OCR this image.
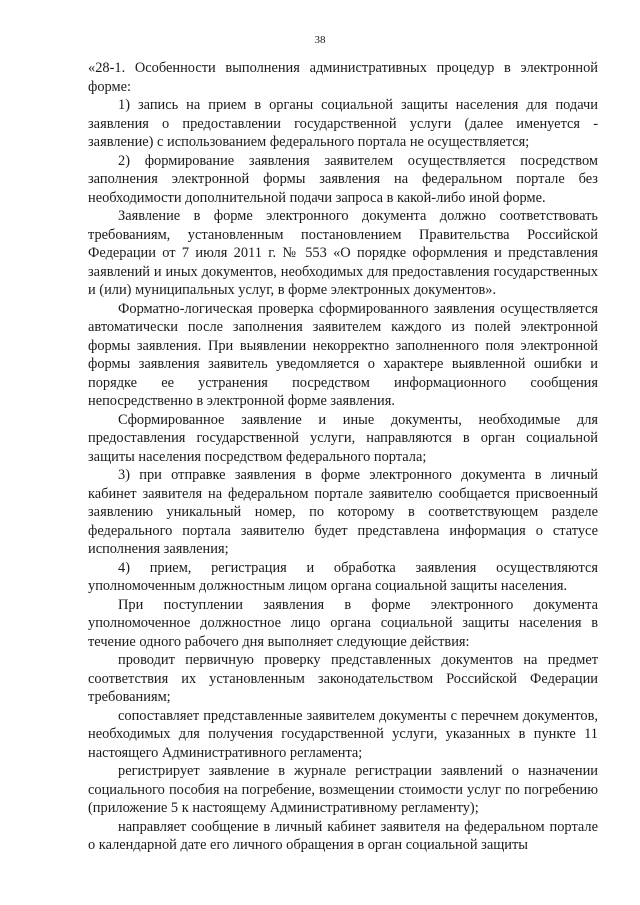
38

«28-1. Особенности выполнения административных процедур в электронной форме:

1) запись на прием в органы социальной защиты населения для подачи заявления о предоставлении государственной услуги (далее именуется - заявление) с использованием федерального портала не осуществляется;

2) формирование заявления заявителем осуществляется посредством заполнения электронной формы заявления на федеральном портале без необходимости дополнительной подачи запроса в какой-либо иной форме.

Заявление в форме электронного документа должно соответствовать требованиям, установленным постановлением Правительства Российской Федерации от 7 июля 2011 г. № 553 «О порядке оформления и представления заявлений и иных документов, необходимых для предоставления государственных и (или) муниципальных услуг, в форме электронных документов».

Форматно-логическая проверка сформированного заявления осуществляется автоматически после заполнения заявителем каждого из полей электронной формы заявления. При выявлении некорректно заполненного поля электронной формы заявления заявитель уведомляется о характере выявленной ошибки и порядке ее устранения посредством информационного сообщения непосредственно в электронной форме заявления.

Сформированное заявление и иные документы, необходимые для предоставления государственной услуги, направляются в орган социальной защиты населения посредством федерального портала;

3) при отправке заявления в форме электронного документа в личный кабинет заявителя на федеральном портале заявителю сообщается присвоенный заявлению уникальный номер, по которому в соответствующем разделе федерального портала заявителю будет представлена информация о статусе исполнения заявления;

4) прием, регистрация и обработка заявления осуществляются уполномоченным должностным лицом органа социальной защиты населения.

При поступлении заявления в форме электронного документа уполномоченное должностное лицо органа социальной защиты населения в течение одного рабочего дня выполняет следующие действия:

проводит первичную проверку представленных документов на предмет соответствия их установленным законодательством Российской Федерации требованиям;

сопоставляет представленные заявителем документы с перечнем документов, необходимых для получения государственной услуги, указанных в пункте 11 настоящего Административного регламента;

регистрирует заявление в журнале регистрации заявлений о назначении социального пособия на погребение, возмещении стоимости услуг по погребению (приложение 5 к настоящему Административному регламенту);

направляет сообщение в личный кабинет заявителя на федеральном портале о календарной дате его личного обращения в орган социальной защиты
